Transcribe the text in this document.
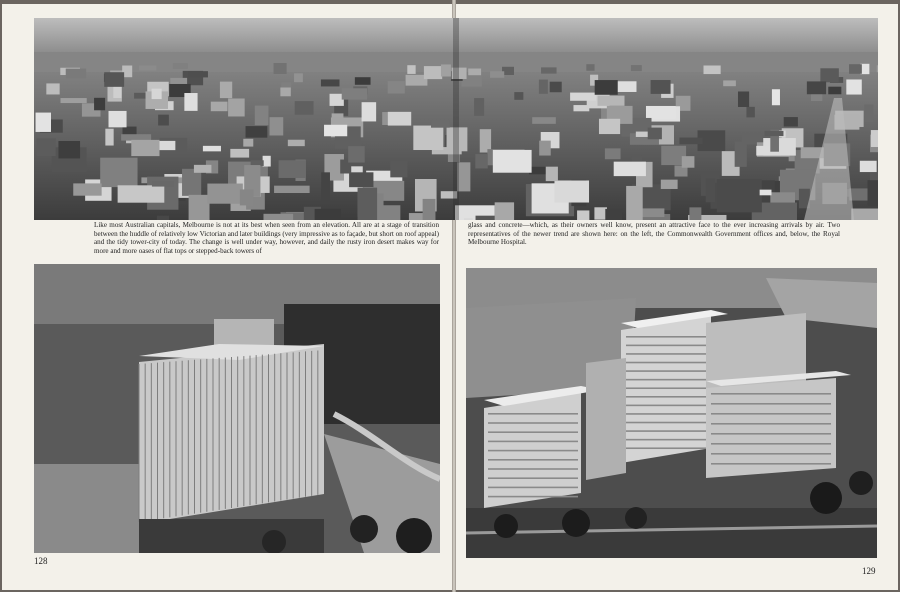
Like most Australian capitals, Melbourne is not at its best when seen from an elevation. All are at a stage of transition between the huddle of relatively low Victorian and later buildings (very impressive as to façade, but short on roof appeal) and the tidy tower-city of today. The change is well under way, however, and daily the rusty iron desert makes way for more and more oases of flat tops or stepped-back towers of
glass and concrete—which, as their owners well know, present an attractive face to the ever increasing arrivals by air. Two representatives of the newer trend are shown here: on the left, the Commonwealth Government offices and, below, the Royal Melbourne Hospital.
128
129
